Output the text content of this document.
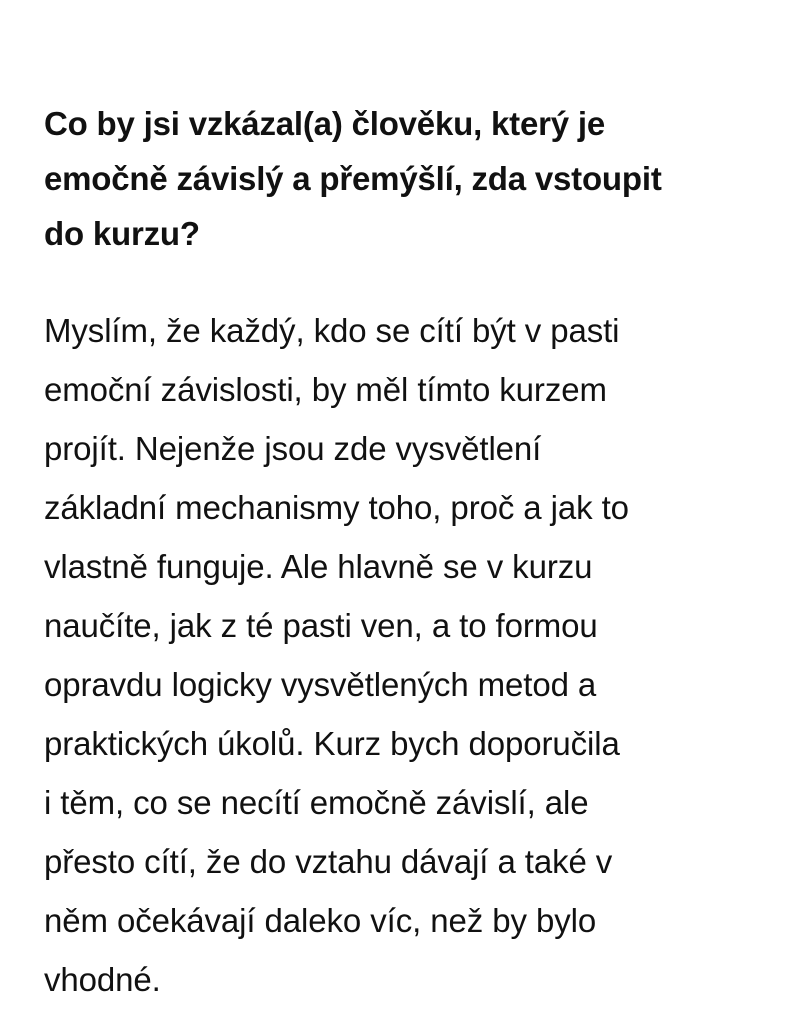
Co by jsi vzkázal(a) člověku, který je
emočně závislý a přemýšlí, zda vstoupit
do kurzu?

Myslím, že každý, kdo se cítí být v pasti
emoční závislosti, by měl tímto kurzem
projít. Nejenže jsou zde vysvětlení
základní mechanismy toho, proč a jak to
vlastně funguje. Ale hlavně se v kurzu
naučíte, jak z té pasti ven, a to formou
opravdu logicky vysvětlených metod a
praktických úkolů. Kurz bych doporučila
i těm, co se necítí emočně závislí, ale
přesto cítí, že do vztahu dávají a také v
něm očekávají daleko víc, než by bylo
vhodné.
